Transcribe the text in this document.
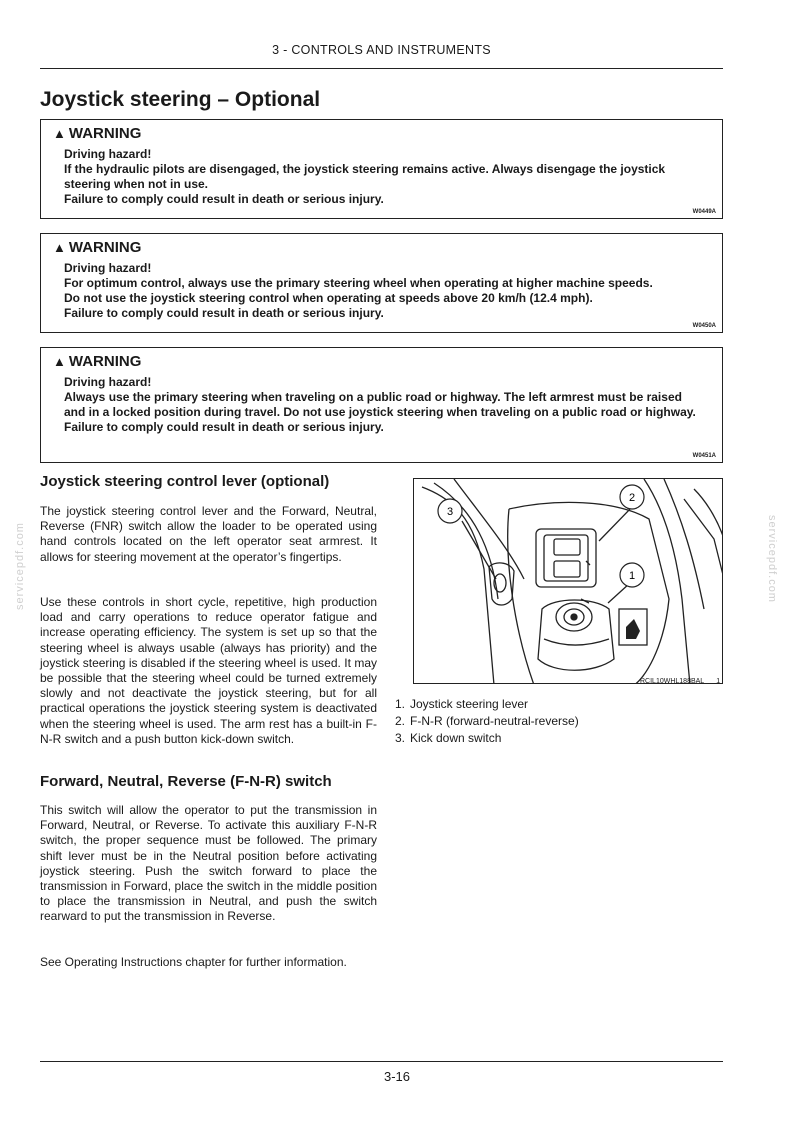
3 - CONTROLS AND INSTRUMENTS
Joystick steering – Optional
▲ WARNING

Driving hazard!

If the hydraulic pilots are disengaged, the joystick steering remains active. Always disengage the joystick steering when not in use.

Failure to comply could result in death or serious injury.

W0449A
▲ WARNING

Driving hazard!

For optimum control, always use the primary steering wheel when operating at higher machine speeds.

Do not use the joystick steering control when operating at speeds above 20 km/h (12.4 mph).

Failure to comply could result in death or serious injury.

W0450A
▲ WARNING

Driving hazard!

Always use the primary steering when traveling on a public road or highway. The left armrest must be raised and in a locked position during travel. Do not use joystick steering when traveling on a public road or highway.

Failure to comply could result in death or serious injury.

W0451A
Joystick steering control lever (optional)

The joystick steering control lever and the Forward, Neutral, Reverse (FNR) switch allow the loader to be operated using hand controls located on the left operator seat armrest. It allows for steering movement at the operator’s fingertips.

Use these controls in short cycle, repetitive, high production load and carry operations to reduce operator fatigue and increase operating efficiency. The system is set up so that the steering wheel is always usable (always has priority) and the joystick steering is disabled if the steering wheel is used. It may be possible that the steering wheel could be turned extremely slowly and not deactivate the joystick steering, but for all practical operations the joystick steering system is deactivated when the steering wheel is used. The arm rest has a built-in F-N-R switch and a push button kick-down switch.

Forward, Neutral, Reverse (F-N-R) switch

This switch will allow the operator to put the transmission in Forward, Neutral, or Reverse. To activate this auxiliary F-N-R switch, the proper sequence must be followed. The primary shift lever must be in the Neutral position before activating joystick steering. Push the switch forward to place the transmission in Forward, place the switch in the middle position to place the transmission in Neutral, and push the switch rearward to put the transmission in Reverse.

See Operating Instructions chapter for further information.

3
2
1
RCIL10WHL188BAL 1
1. Joystick steering lever
2. F-N-R (forward-neutral-reverse)
3. Kick down switch
servicepdf.com	servicepdf.com
3-16
